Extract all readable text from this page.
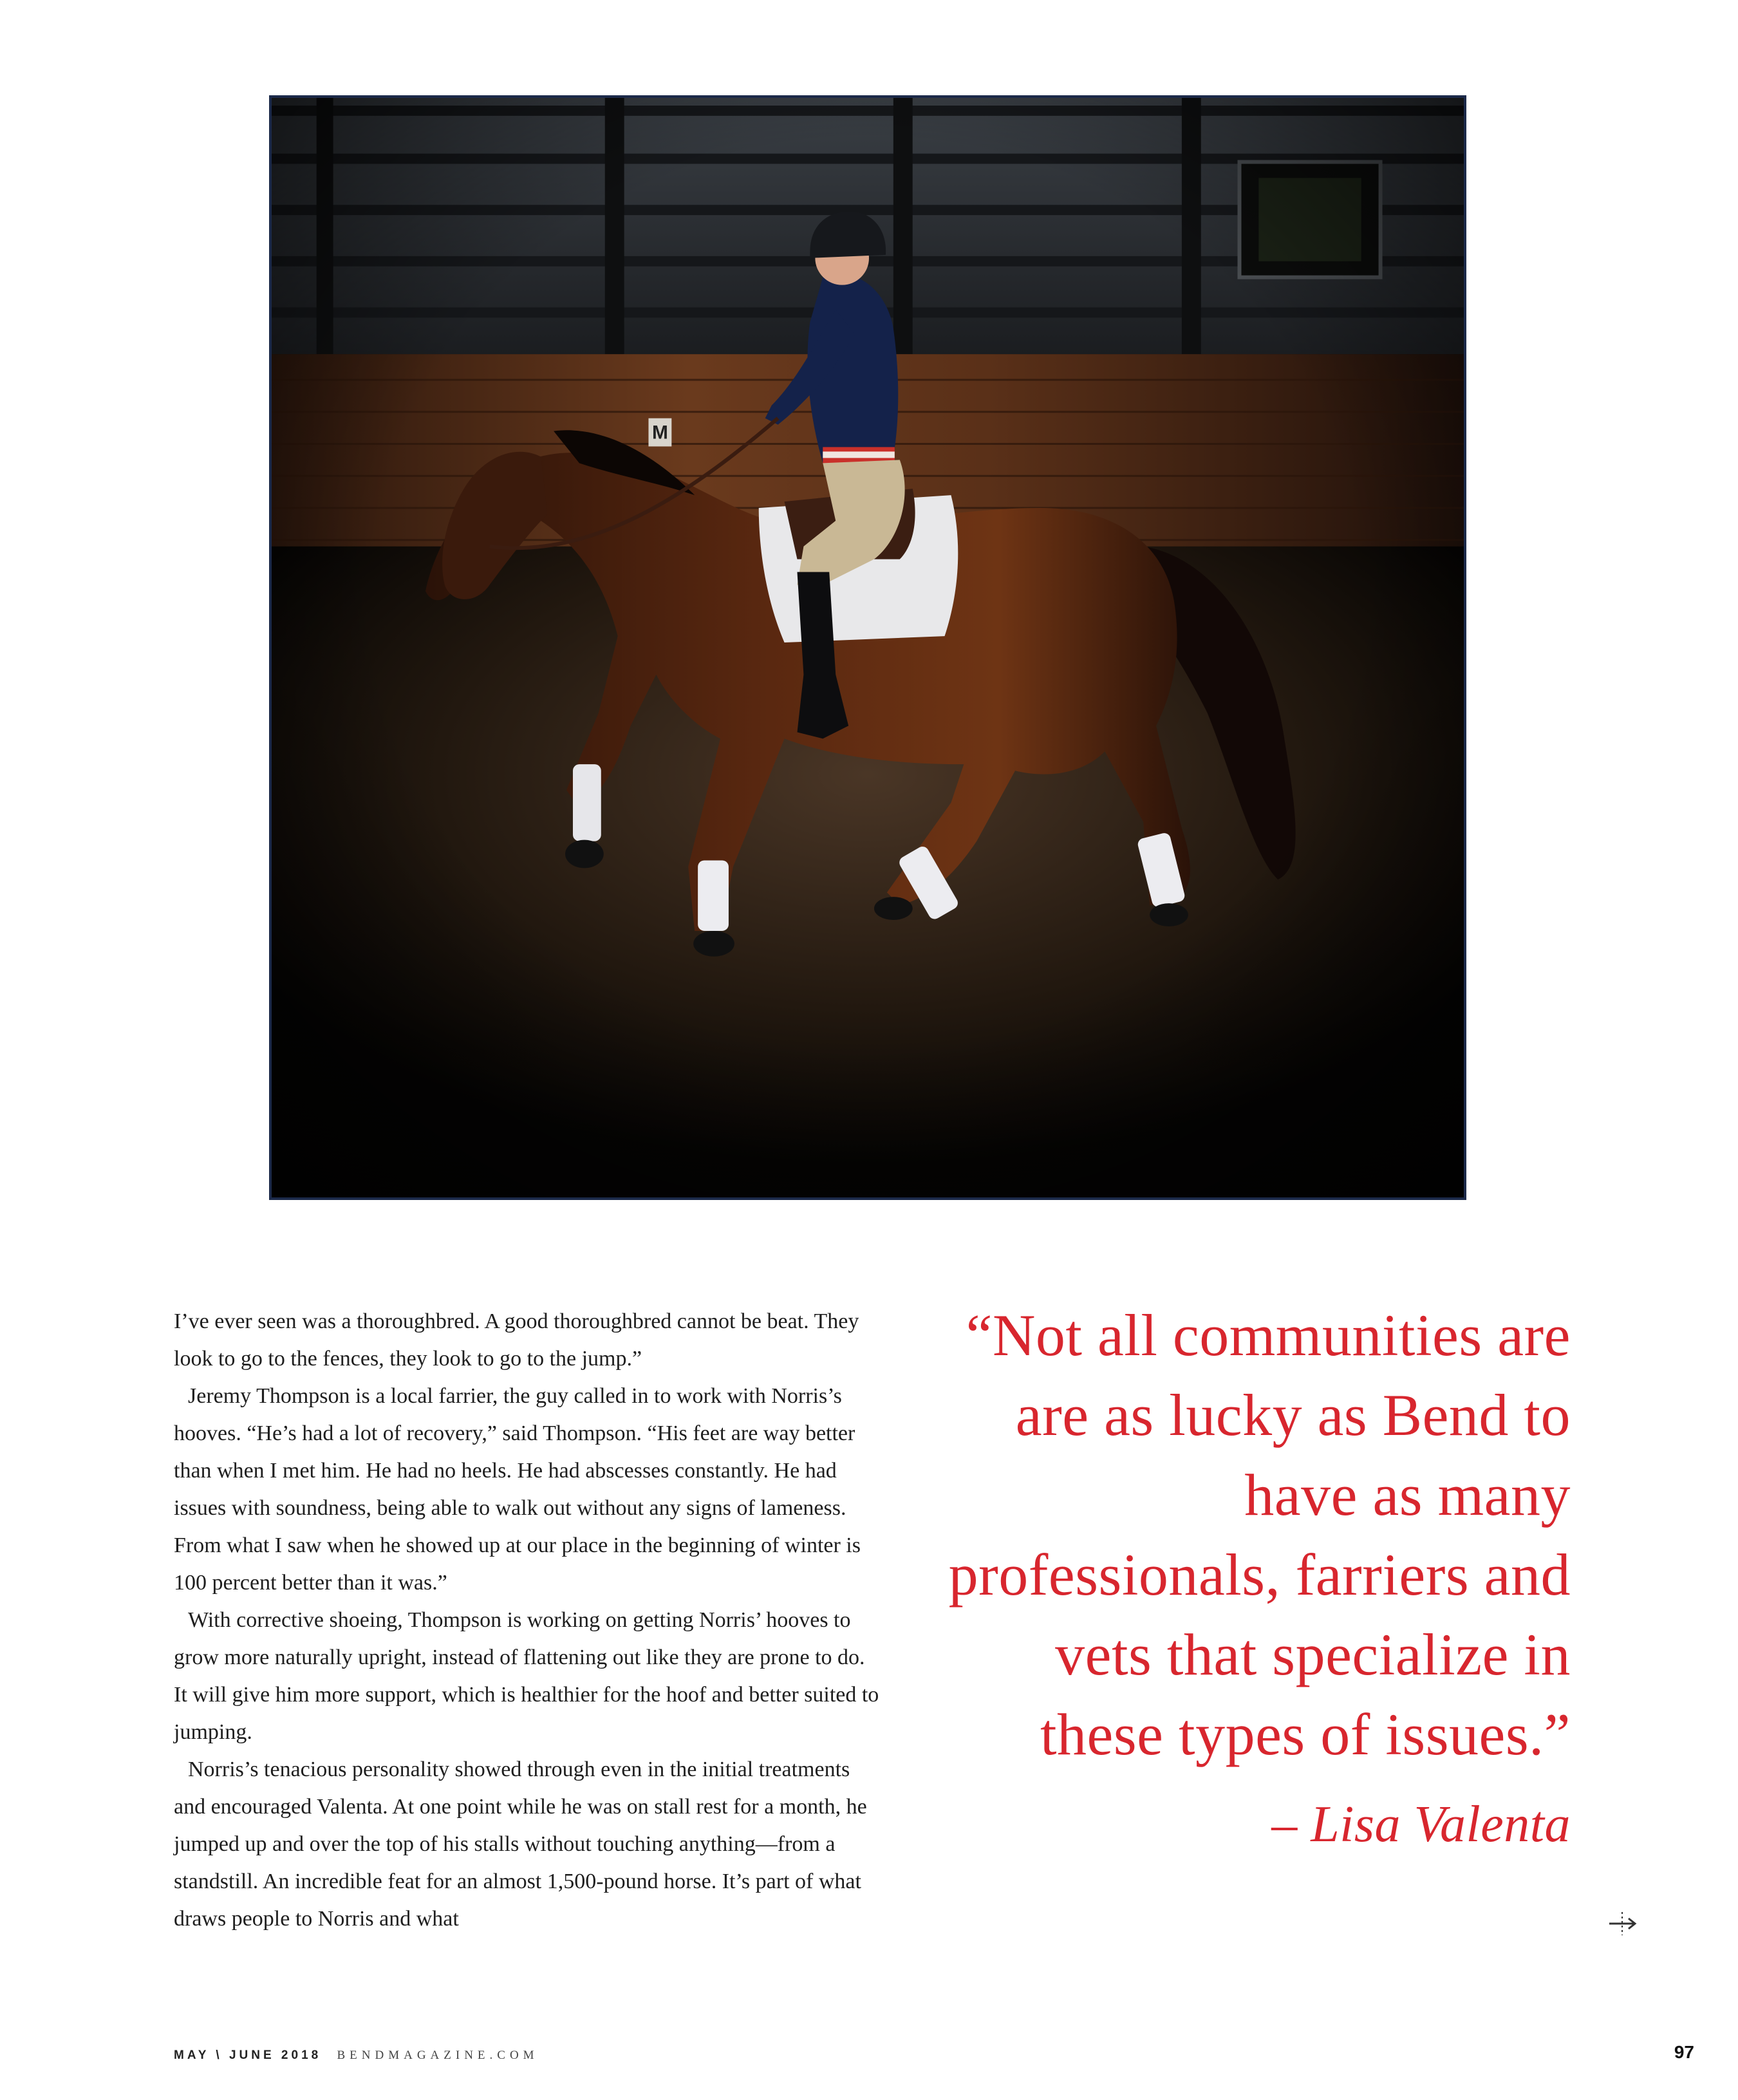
I’ve ever seen was a thoroughbred. A good thoroughbred cannot be beat. They look to go to the fences, they look to go to the jump.”

Jeremy Thompson is a local farrier, the guy called in to work with Norris’s hooves. “He’s had a lot of recovery,” said Thompson. “His feet are way better than when I met him. He had no heels. He had abscesses constantly. He had issues with soundness, being able to walk out without any signs of lameness. From what I saw when he showed up at our place in the beginning of winter is 100 percent better than it was.”

With corrective shoeing, Thompson is working on getting Norris’ hooves to grow more naturally upright, instead of flattening out like they are prone to do. It will give him more support, which is healthier for the hoof and better suited to jumping.

Norris’s tenacious personality showed through even in the initial treatments and encouraged Valenta. At one point while he was on stall rest for a month, he jumped up and over the top of his stalls without touching anything—from a standstill. An incredible feat for an almost 1,500-pound horse. It’s part of what draws people to Norris and what

“Not all communities are are as lucky as Bend to have as many professionals, farriers and vets that specialize in these types of issues.”

– Lisa Valenta
MAY \ JUNE 2018 BENDMAGAZINE.COM	97
